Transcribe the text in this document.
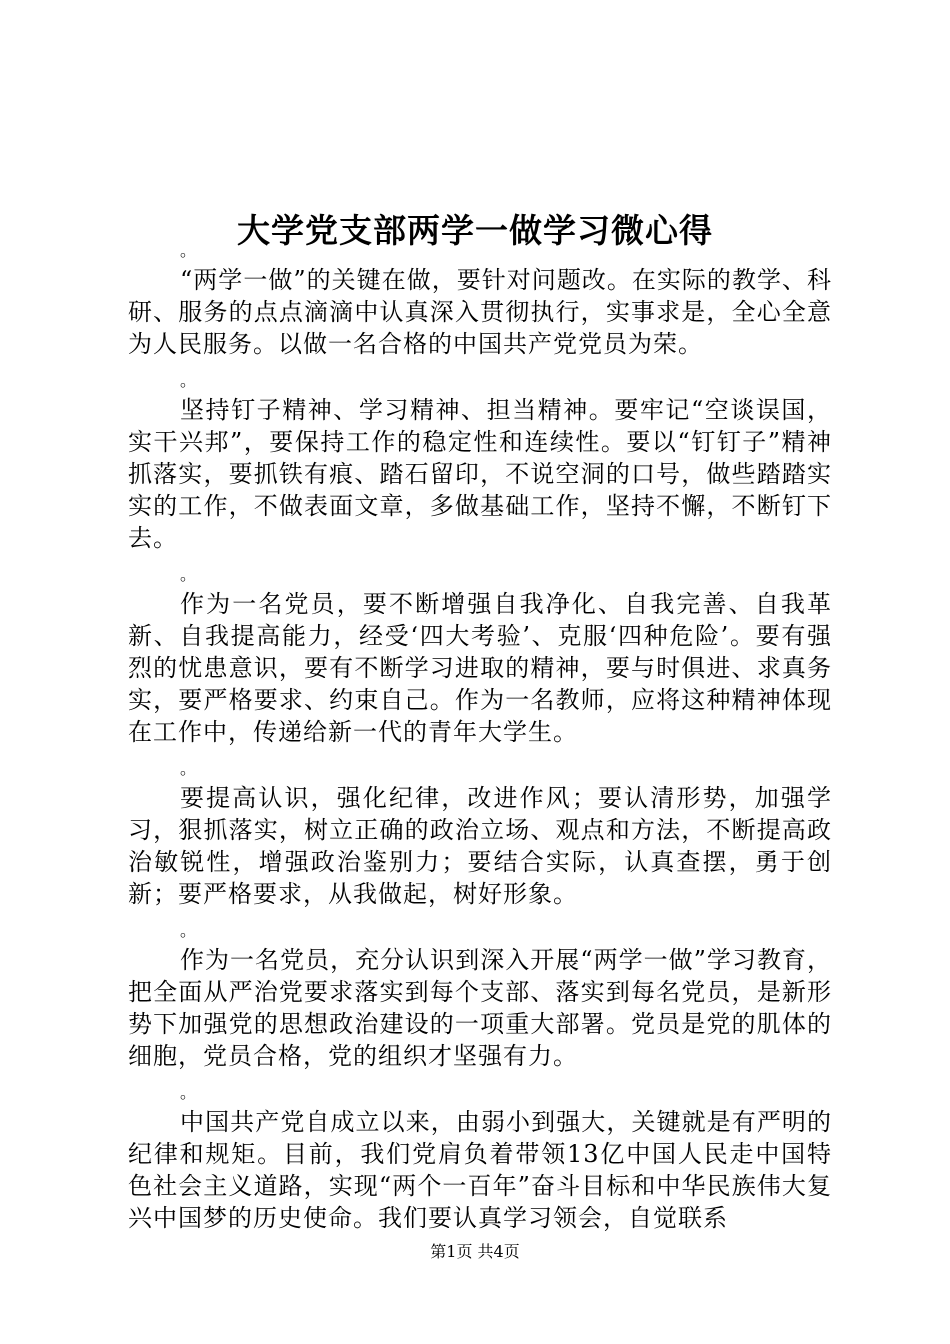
大学党支部两学一做学习微心得
。

“两学一做”的关键在做，要针对问题改。在实际的教学、科研、服务的点点滴滴中认真深入贯彻执行，实事求是，全心全意为人民服务。以做一名合格的中国共产党党员为荣。

。

坚持钉子精神、学习精神、担当精神。要牢记“空谈误国，实干兴邦”，要保持工作的稳定性和连续性。要以“钉钉子”精神抓落实，要抓铁有痕、踏石留印，不说空洞的口号，做些踏踏实实的工作，不做表面文章，多做基础工作，坚持不懈，不断钉下去。

。

作为一名党员，要不断增强自我净化、自我完善、自我革新、自我提高能力，经受‘四大考验’、克服‘四种危险’。要有强烈的忧患意识，要有不断学习进取的精神，要与时俱进、求真务实，要严格要求、约束自己。作为一名教师，应将这种精神体现在工作中，传递给新一代的青年大学生。

。

要提高认识，强化纪律，改进作风；要认清形势，加强学习，狠抓落实，树立正确的政治立场、观点和方法，不断提高政治敏锐性，增强政治鉴别力；要结合实际，认真查摆，勇于创新；要严格要求，从我做起，树好形象。

。

作为一名党员，充分认识到深入开展“两学一做”学习教育，把全面从严治党要求落实到每个支部、落实到每名党员，是新形势下加强党的思想政治建设的一项重大部署。党员是党的肌体的细胞，党员合格，党的组织才坚强有力。

。

中国共产党自成立以来，由弱小到强大，关键就是有严明的纪律和规矩。目前，我们党肩负着带领13亿中国人民走中国特色社会主义道路，实现“两个一百年”奋斗目标和中华民族伟大复兴中国梦的历史使命。我们要认真学习领会，自觉联系

第1页 共4页
